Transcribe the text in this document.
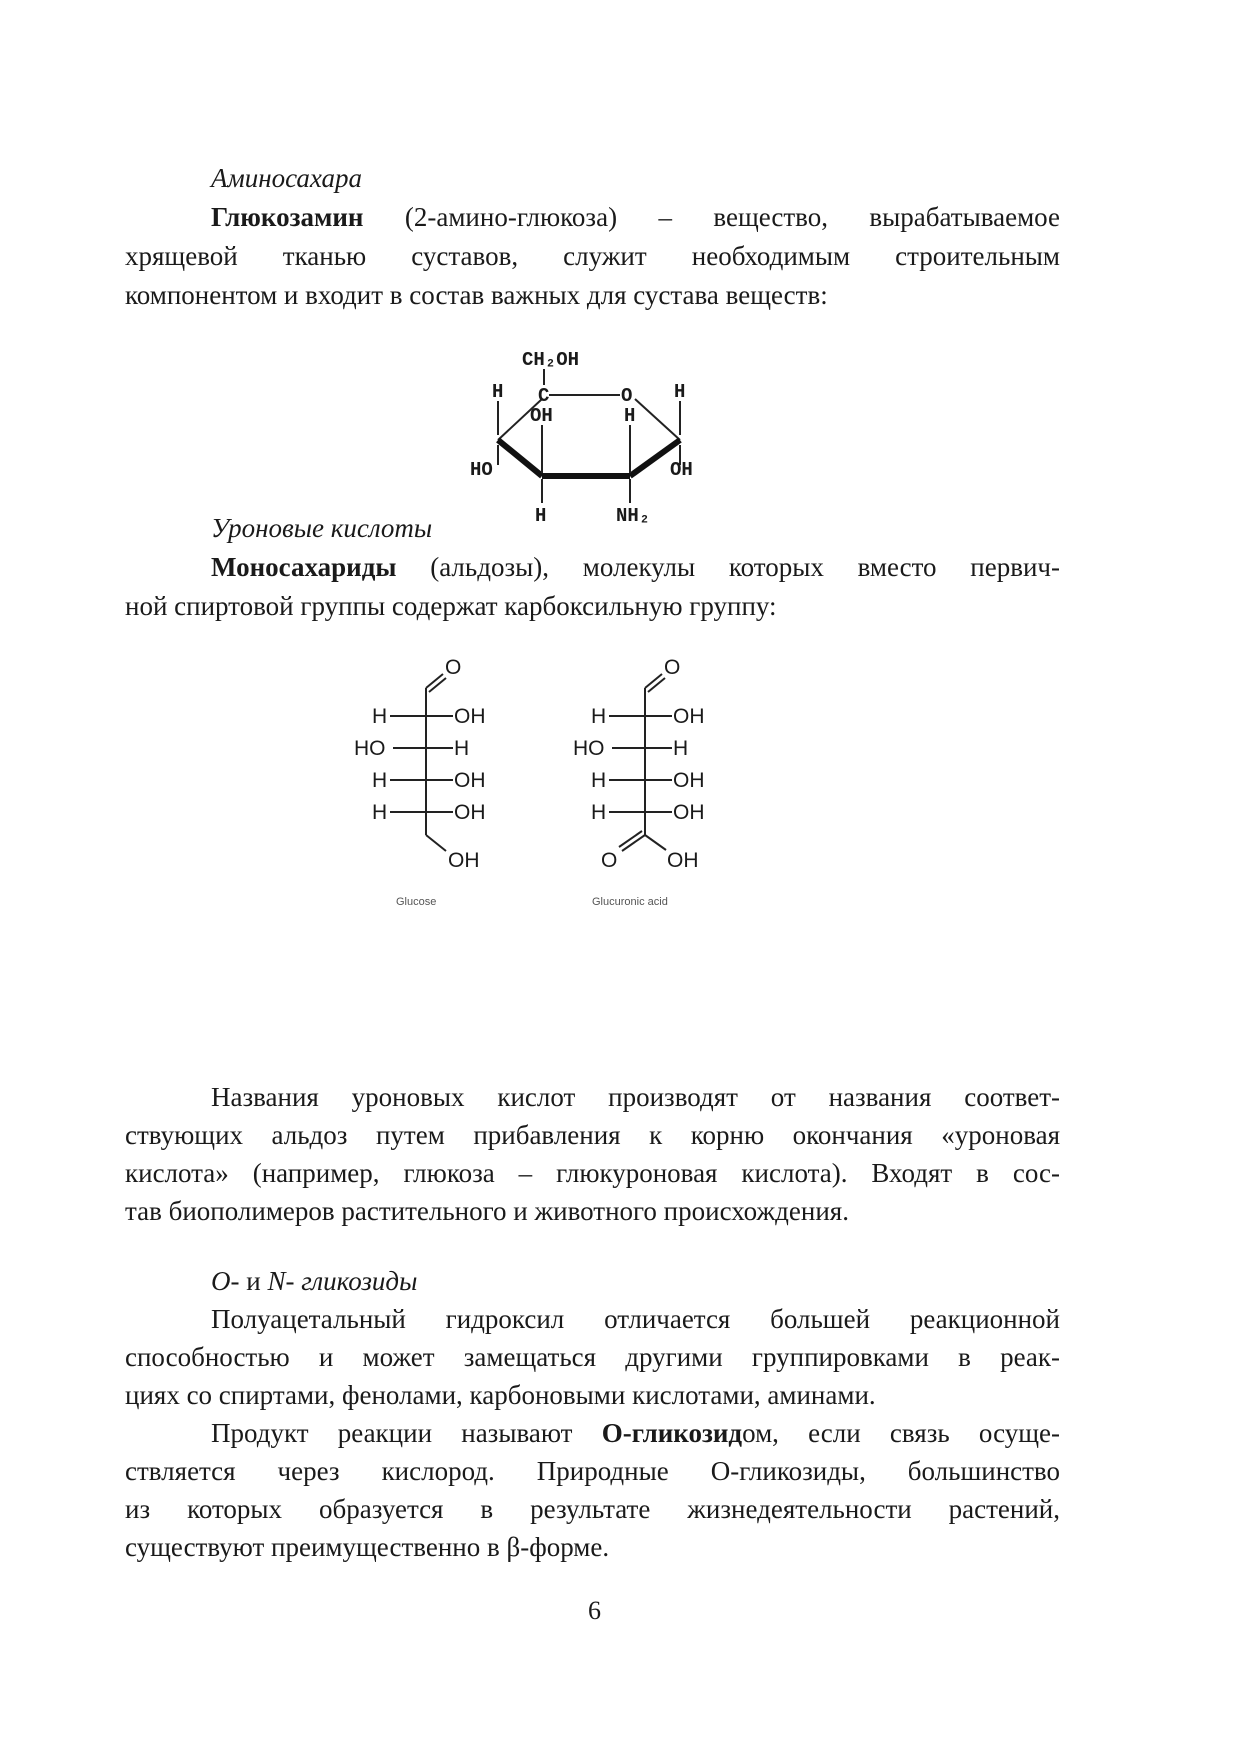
Аминосахара
Глюкозамин (2-амино-глюкоза) – вещество, вырабатываемое
хрящевой тканью суставов, служит необходимым строительным
компонентом и входит в состав важных для сустава веществ:
CH₂OH
C	O
H	H
OH	H
HO	OH
H	NH₂
Уроновые кислоты
Моносахариды (альдозы), молекулы которых вместо первич-
ной спиртовой группы содержат карбоксильную группу:
O
H	OH
HO	H
H	OH
H	OH
OH
Glucose
O
H	OH
HO	H
H	OH
H	OH
O OH
Glucuronic acid
Названия уроновых кислот производят от названия соответ-
ствующих альдоз путем прибавления к корню окончания «уроновая
кислота» (например, глюкоза – глюкуроновая кислота). Входят в сос-
тав биополимеров растительного и животного происхождения.
О- и N- гликозиды
Полуацетальный гидроксил отличается большей реакционной
способностью и может замещаться другими группировками в реак-
циях со спиртами, фенолами, карбоновыми кислотами, аминами.
Продукт реакции называют О-гликозидом, если связь осуще-
ствляется через кислород. Природные О-гликозиды, большинство
из которых образуется в результате жизнедеятельности растений,
существуют преимущественно в β-форме.
6
